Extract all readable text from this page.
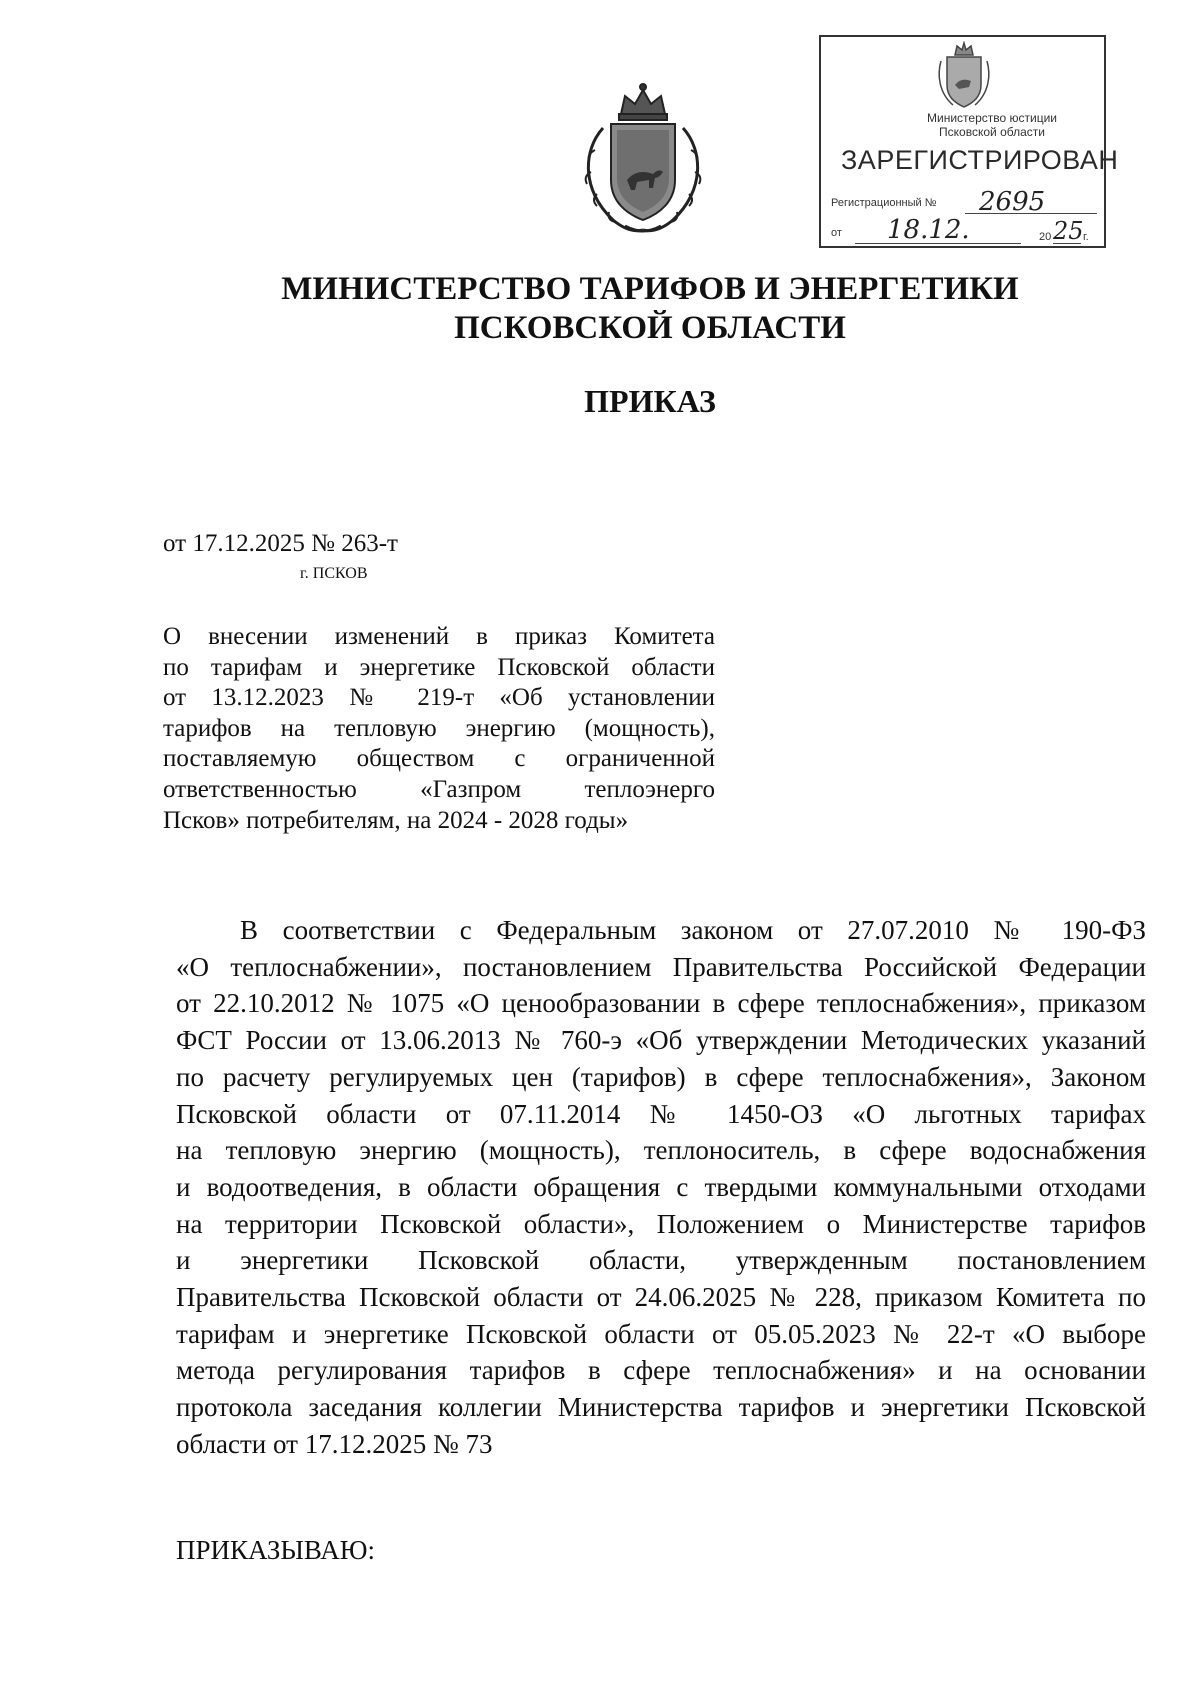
Министерство юстиции
Псковской области
ЗАРЕГИСТРИРОВАН
Регистрационный №	2695
от	18.12.	20 25 г.
МИНИСТЕРСТВО ТАРИФОВ И ЭНЕРГЕТИКИ
ПСКОВСКОЙ ОБЛАСТИ
ПРИКАЗ
от 17.12.2025 № 263-т
г. ПСКОВ
О внесении изменений в приказ Комитета
по тарифам и энергетике Псковской области
от 13.12.2023 № 219-т «Об установлении
тарифов на тепловую энергию (мощность),
поставляемую обществом с ограниченной
ответственностью «Газпром теплоэнерго
Псков» потребителям, на 2024 - 2028 годы»
В соответствии с Федеральным законом от 27.07.2010 № 190-ФЗ
«О теплоснабжении», постановлением Правительства Российской Федерации
от 22.10.2012 № 1075 «О ценообразовании в сфере теплоснабжения», приказом
ФСТ России от 13.06.2013 № 760-э «Об утверждении Методических указаний
по расчету регулируемых цен (тарифов) в сфере теплоснабжения», Законом
Псковской области от 07.11.2014 № 1450-ОЗ «О льготных тарифах
на тепловую энергию (мощность), теплоноситель, в сфере водоснабжения
и водоотведения, в области обращения с твердыми коммунальными отходами
на территории Псковской области», Положением о Министерстве тарифов
и энергетики Псковской области, утвержденным постановлением
Правительства Псковской области от 24.06.2025 № 228, приказом Комитета по
тарифам и энергетике Псковской области от 05.05.2023 № 22-т «О выборе
метода регулирования тарифов в сфере теплоснабжения» и на основании
протокола заседания коллегии Министерства тарифов и энергетики Псковской
области от 17.12.2025 № 73
ПРИКАЗЫВАЮ:
